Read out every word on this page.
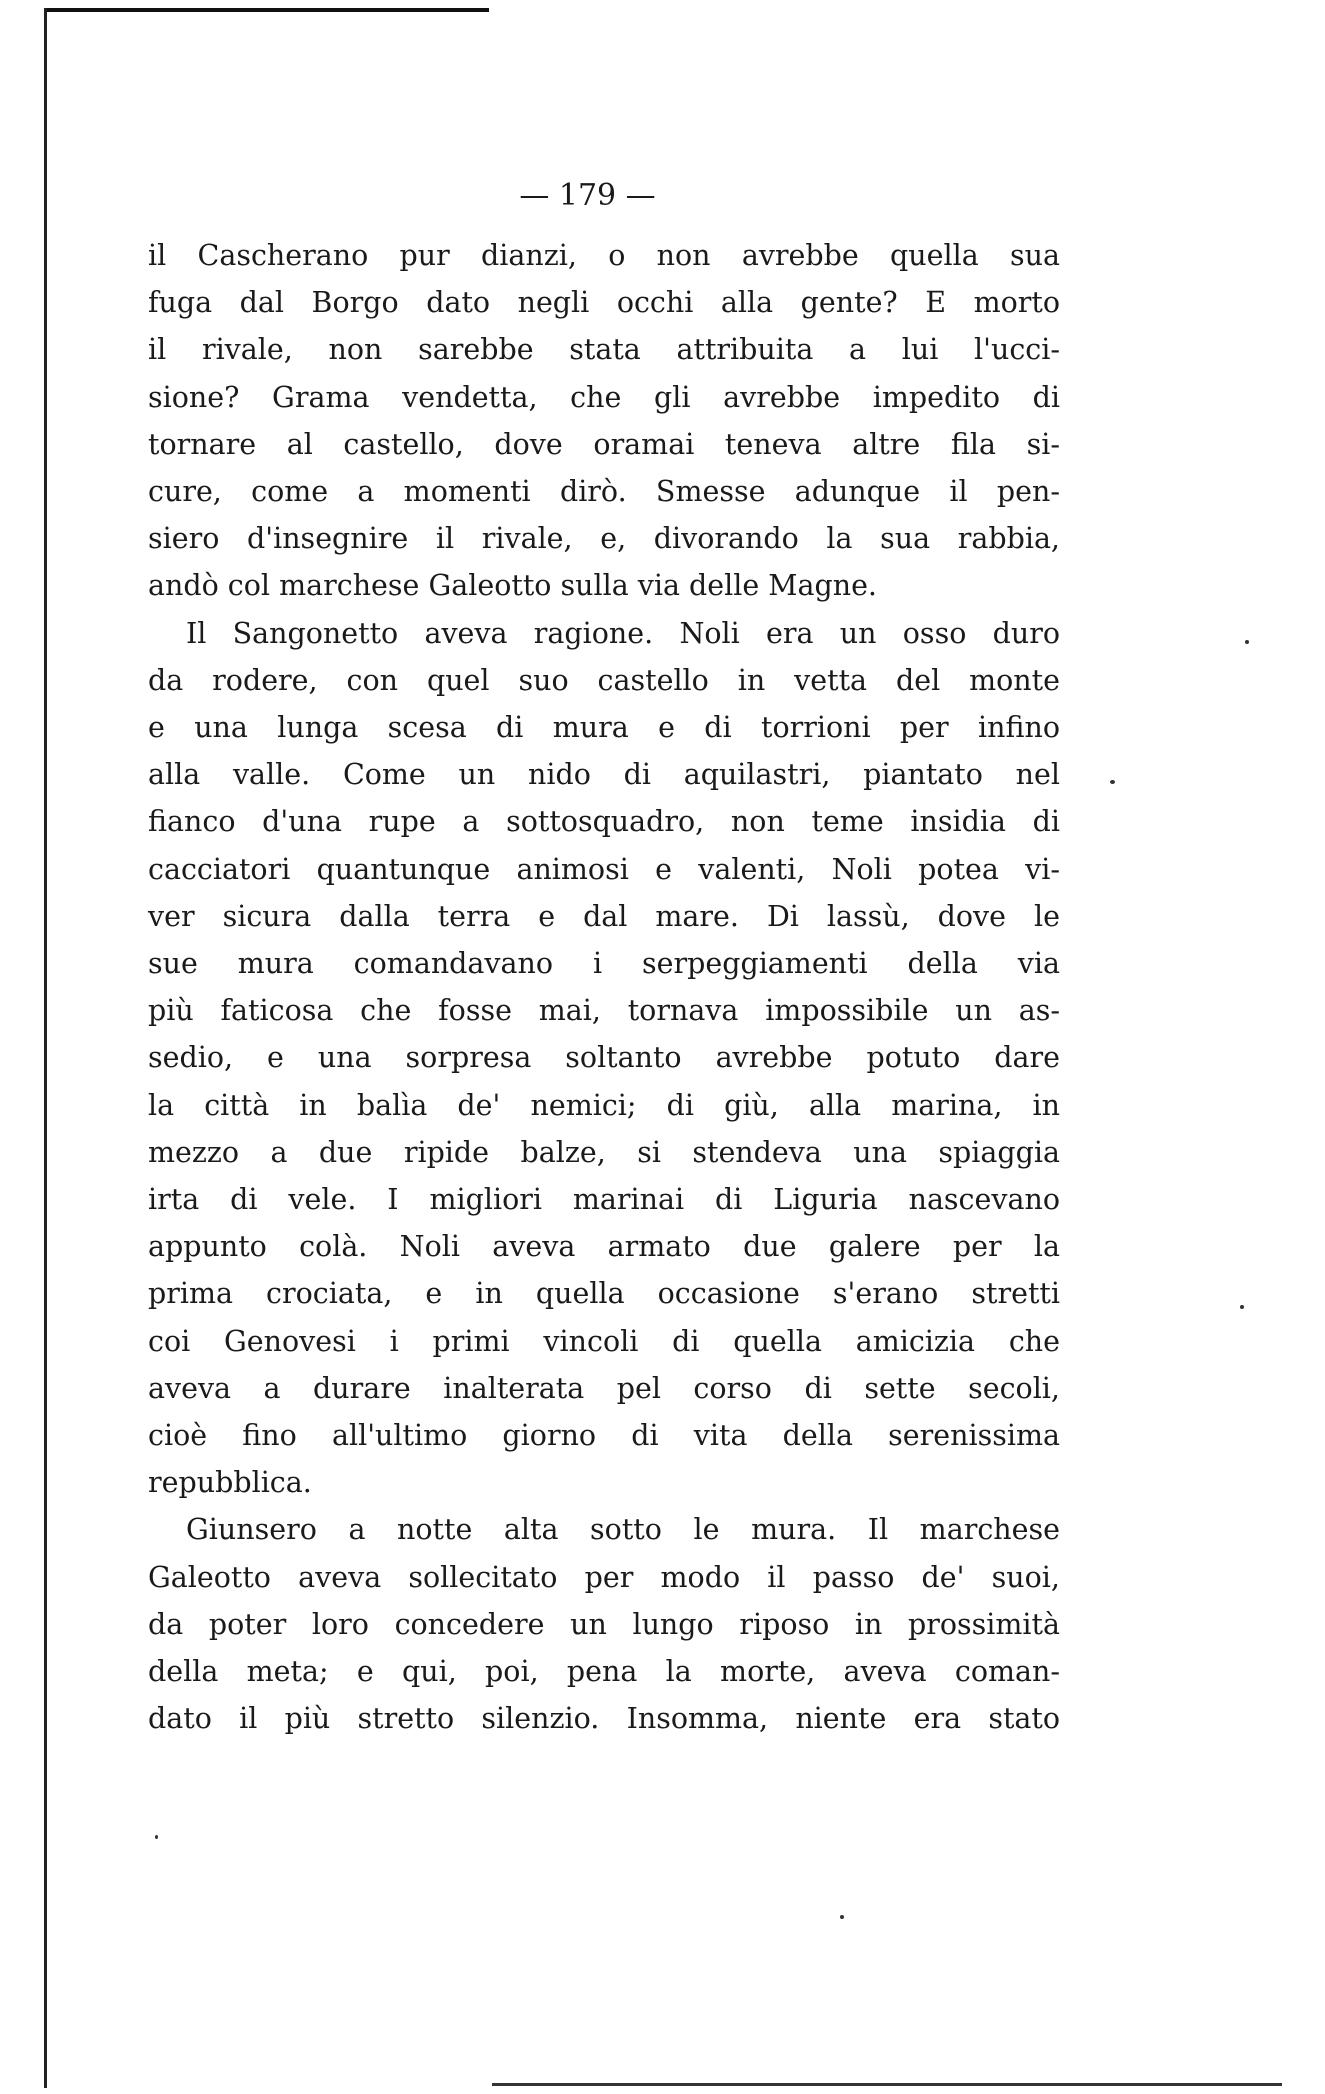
— 179 —
il Cascherano pur dianzi, o non avrebbe quella sua
fuga dal Borgo dato negli occhi alla gente? E morto
il rivale, non sarebbe stata attribuita a lui l'ucci-
sione? Grama vendetta, che gli avrebbe impedito di
tornare al castello, dove oramai teneva altre fila si-
cure, come a momenti dirò. Smesse adunque il pen-
siero d'insegnire il rivale, e, divorando la sua rabbia,
andò col marchese Galeotto sulla via delle Magne.
Il Sangonetto aveva ragione. Noli era un osso duro
da rodere, con quel suo castello in vetta del monte
e una lunga scesa di mura e di torrioni per infino
alla valle. Come un nido di aquilastri, piantato nel
fianco d'una rupe a sottosquadro, non teme insidia di
cacciatori quantunque animosi e valenti, Noli potea vi-
ver sicura dalla terra e dal mare. Di lassù, dove le
sue mura comandavano i serpeggiamenti della via
più faticosa che fosse mai, tornava impossibile un as-
sedio, e una sorpresa soltanto avrebbe potuto dare
la città in balìa de' nemici; di giù, alla marina, in
mezzo a due ripide balze, si stendeva una spiaggia
irta di vele. I migliori marinai di Liguria nascevano
appunto colà. Noli aveva armato due galere per la
prima crociata, e in quella occasione s'erano stretti
coi Genovesi i primi vincoli di quella amicizia che
aveva a durare inalterata pel corso di sette secoli,
cioè fino all'ultimo giorno di vita della serenissima
repubblica.
Giunsero a notte alta sotto le mura. Il marchese
Galeotto aveva sollecitato per modo il passo de' suoi,
da poter loro concedere un lungo riposo in prossimità
della meta; e qui, poi, pena la morte, aveva coman-
dato il più stretto silenzio. Insomma, niente era stato
